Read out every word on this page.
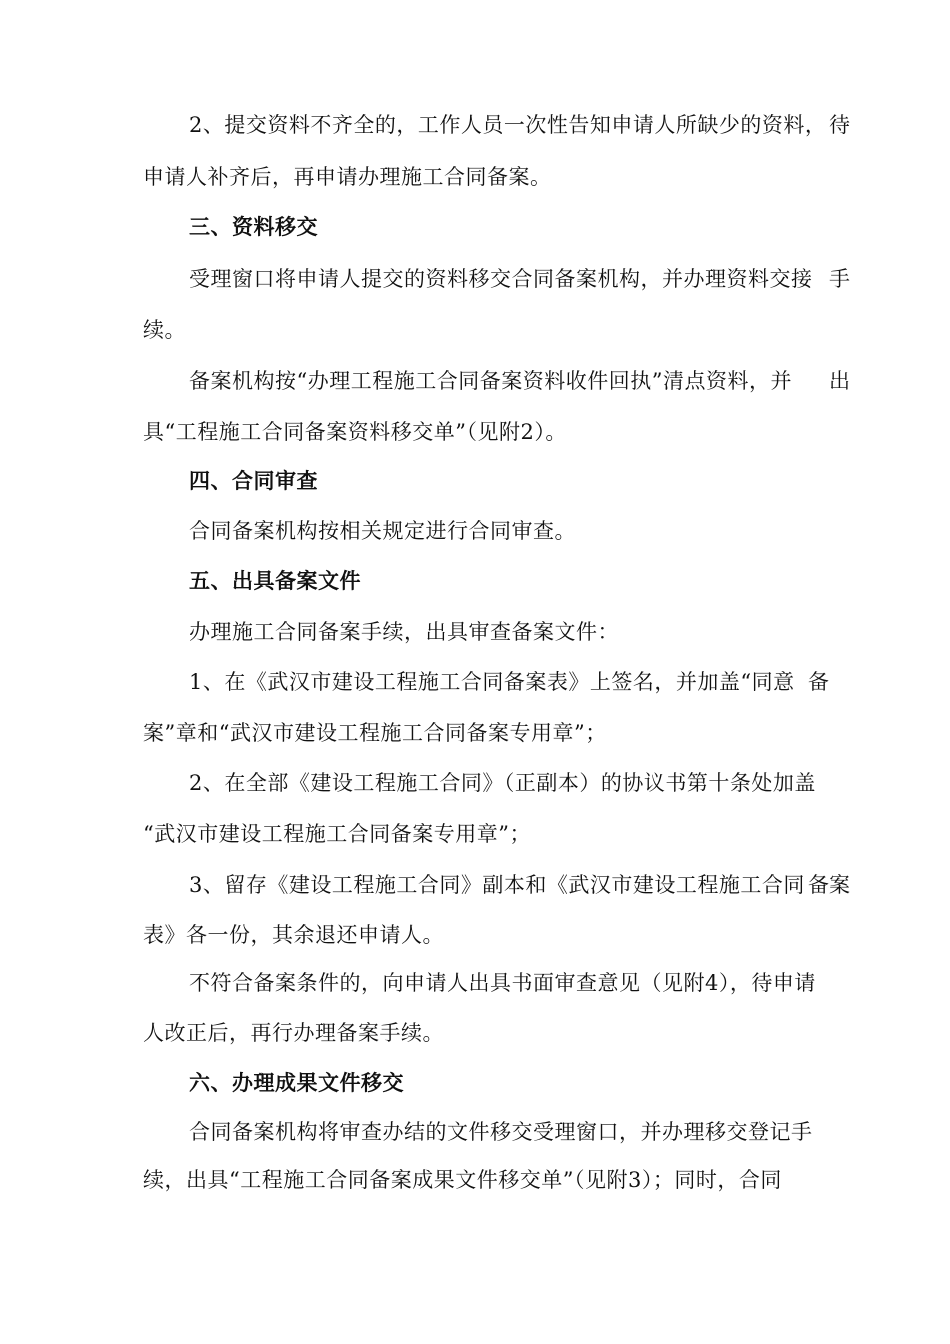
2、提交资料不齐全的，工作人员一次性告知申请人所缺少的资料， 待
申请人补齐后，再申请办理施工合同备案。
三、资料移交
受理窗口将申请人提交的资料移交合同备案机构，并办理资料交接 手
续。
备案机构按“办理工程施工合同备案资料收件回执”清点资料，并 出
具“工程施工合同备案资料移交单”（见附2）。
四、合同审查
合同备案机构按相关规定进行合同审查。
五、出具备案文件
办理施工合同备案手续，出具审查备案文件：
1、在《武汉市建设工程施工合同备案表》上签名，并加盖“同意 备
案”章和“武汉市建设工程施工合同备案专用章”；
2、在全部《建设工程施工合同》（正副本）的协议书第十条处加盖
“武汉市建设工程施工合同备案专用章”；
3、留存《建设工程施工合同》副本和《武汉市建设工程施工合同 备案
表》各一份，其余退还申请人。
不符合备案条件的，向申请人出具书面审查意见（见附4），待申请
人改正后，再行办理备案手续。
六、办理成果文件移交
合同备案机构将审查办结的文件移交受理窗口，并办理移交登记手
续，出具“工程施工合同备案成果文件移交单”（见附3）；同时，合同
